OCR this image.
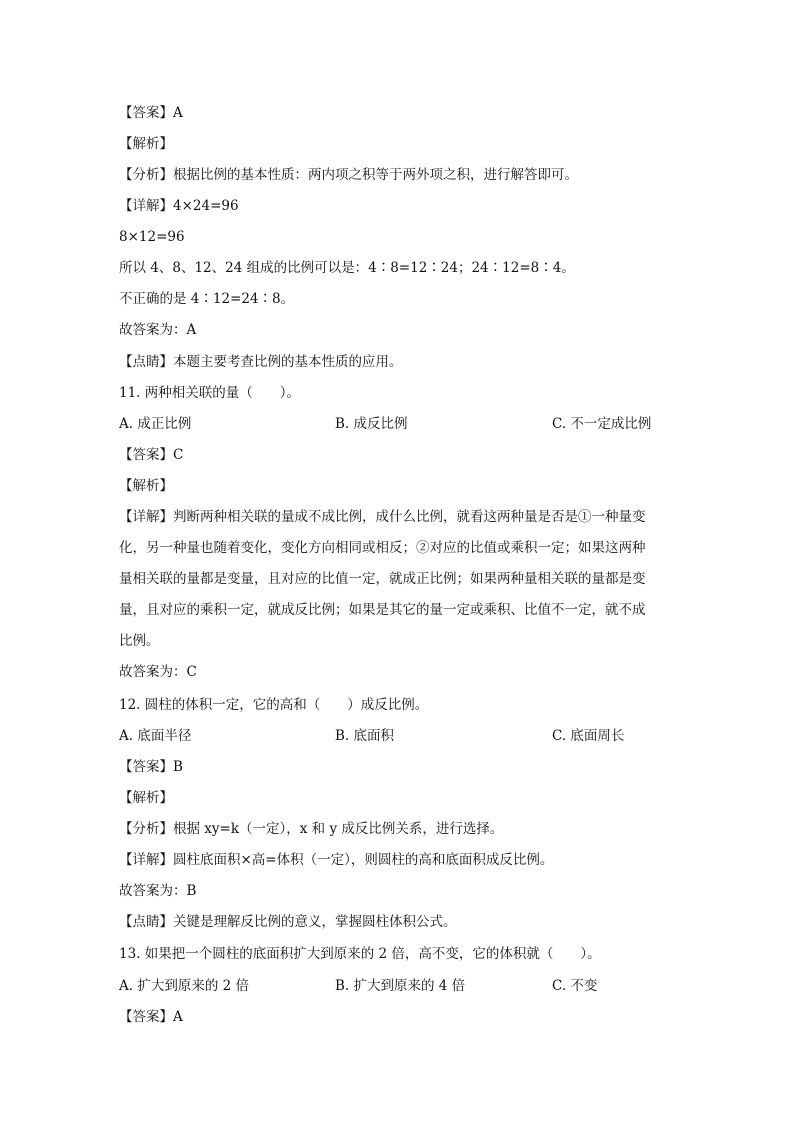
【答案】A
【解析】
【分析】根据比例的基本性质：两内项之积等于两外项之积，进行解答即可。
【详解】4×24=96
8×12=96
所以 4、8、12、24 组成的比例可以是：4∶8=12∶24；24∶12=8∶4。
不正确的是 4∶12=24∶8。
故答案为：A
【点睛】本题主要考查比例的基本性质的应用。
11. 两种相关联的量（　　）。
A. 成正比例	B. 成反比例	C. 不一定成比例
【答案】C
【解析】
【详解】判断两种相关联的量成不成比例，成什么比例，就看这两种量是否是①一种量变
化，另一种量也随着变化，变化方向相同或相反；②对应的比值或乘积一定；如果这两种
量相关联的量都是变量，且对应的比值一定，就成正比例；如果两种量相关联的量都是变
量，且对应的乘积一定，就成反比例；如果是其它的量一定或乘积、比值不一定，就不成
比例。
故答案为：C
12. 圆柱的体积一定，它的高和（　　）成反比例。
A. 底面半径	B. 底面积	C. 底面周长
【答案】B
【解析】
【分析】根据 xy=k（一定），x 和 y 成反比例关系，进行选择。
【详解】圆柱底面积×高=体积（一定），则圆柱的高和底面积成反比例。
故答案为：B
【点睛】关键是理解反比例的意义，掌握圆柱体积公式。
13. 如果把一个圆柱的底面积扩大到原来的 2 倍，高不变，它的体积就（　　）。
A. 扩大到原来的 2 倍	B. 扩大到原来的 4 倍	C. 不变
【答案】A
